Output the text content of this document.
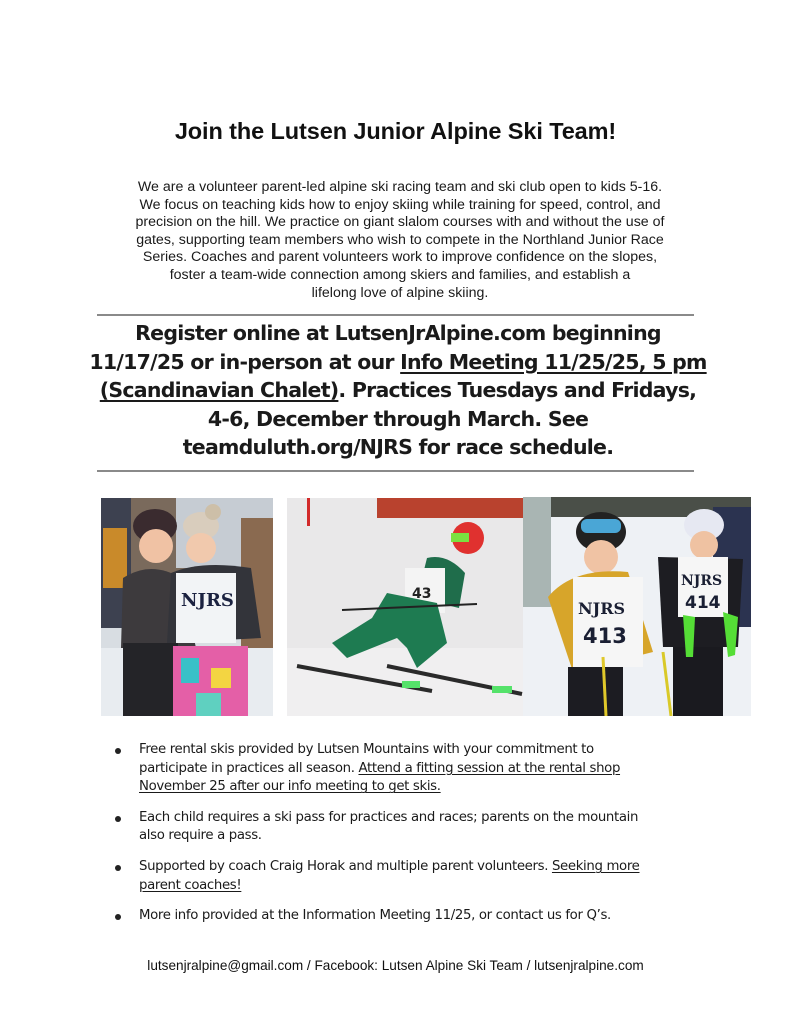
Join the Lutsen Junior Alpine Ski Team!
We are a volunteer parent-led alpine ski racing team and ski club open to kids 5-16.
We focus on teaching kids how to enjoy skiing while training for speed, control, and
precision on the hill. We practice on giant slalom courses with and without the use of
gates, supporting team members who wish to compete in the Northland Junior Race
Series. Coaches and parent volunteers work to improve confidence on the slopes,
foster a team-wide connection among skiers and families, and establish a
lifelong love of alpine skiing.
Register online at LutsenJrAlpine.com beginning
11/17/25 or in-person at our Info Meeting 11/25/25, 5 pm
(Scandinavian Chalet). Practices Tuesdays and Fridays,
4-6, December through March. See
teamduluth.org/NJRS for race schedule.
NJRS	43
NJRS
413
NJRS
414
Free rental skis provided by Lutsen Mountains with your commitment to
participate in practices all season. Attend a fitting session at the rental shop
November 25 after our info meeting to get skis.
Each child requires a ski pass for practices and races; parents on the mountain
also require a pass.
Supported by coach Craig Horak and multiple parent volunteers. Seeking more
parent coaches!
More info provided at the Information Meeting 11/25, or contact us for Q’s.
lutsenjralpine@gmail.com / Facebook: Lutsen Alpine Ski Team / lutsenjralpine.com
